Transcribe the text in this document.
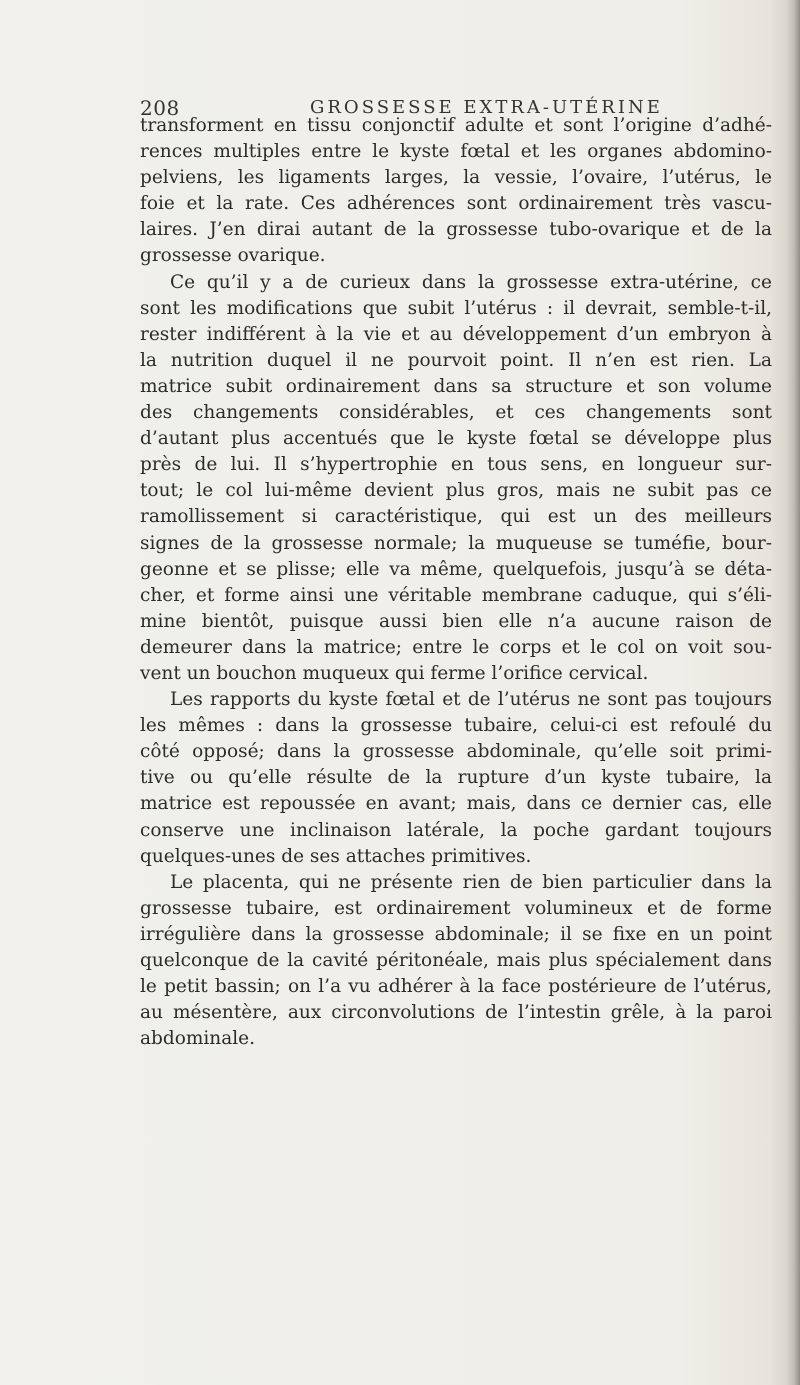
208	GROSSESSE EXTRA-UTÉRINE
transforment en tissu conjonctif adulte et sont l’origine d’adhé-
rences multiples entre le kyste fœtal et les organes abdomino-
pelviens, les ligaments larges, la vessie, l’ovaire, l’utérus, le
foie et la rate. Ces adhérences sont ordinairement très vascu-
laires. J’en dirai autant de la grossesse tubo-ovarique et de la
grossesse ovarique.
Ce qu’il y a de curieux dans la grossesse extra-utérine, ce
sont les modifications que subit l’utérus : il devrait, semble-t-il,
rester indifférent à la vie et au développement d’un embryon à
la nutrition duquel il ne pourvoit point. Il n’en est rien. La
matrice subit ordinairement dans sa structure et son volume
des changements considérables, et ces changements sont
d’autant plus accentués que le kyste fœtal se développe plus
près de lui. Il s’hypertrophie en tous sens, en longueur sur-
tout; le col lui-même devient plus gros, mais ne subit pas ce
ramollissement si caractéristique, qui est un des meilleurs
signes de la grossesse normale; la muqueuse se tuméfie, bour-
geonne et se plisse; elle va même, quelquefois, jusqu’à se déta-
cher, et forme ainsi une véritable membrane caduque, qui s’éli-
mine bientôt, puisque aussi bien elle n’a aucune raison de
demeurer dans la matrice; entre le corps et le col on voit sou-
vent un bouchon muqueux qui ferme l’orifice cervical.
Les rapports du kyste fœtal et de l’utérus ne sont pas toujours
les mêmes : dans la grossesse tubaire, celui-ci est refoulé du
côté opposé; dans la grossesse abdominale, qu’elle soit primi-
tive ou qu’elle résulte de la rupture d’un kyste tubaire, la
matrice est repoussée en avant; mais, dans ce dernier cas, elle
conserve une inclinaison latérale, la poche gardant toujours
quelques-unes de ses attaches primitives.
Le placenta, qui ne présente rien de bien particulier dans la
grossesse tubaire, est ordinairement volumineux et de forme
irrégulière dans la grossesse abdominale; il se fixe en un point
quelconque de la cavité péritonéale, mais plus spécialement dans
le petit bassin; on l’a vu adhérer à la face postérieure de l’utérus,
au mésentère, aux circonvolutions de l’intestin grêle, à la paroi
abdominale.
